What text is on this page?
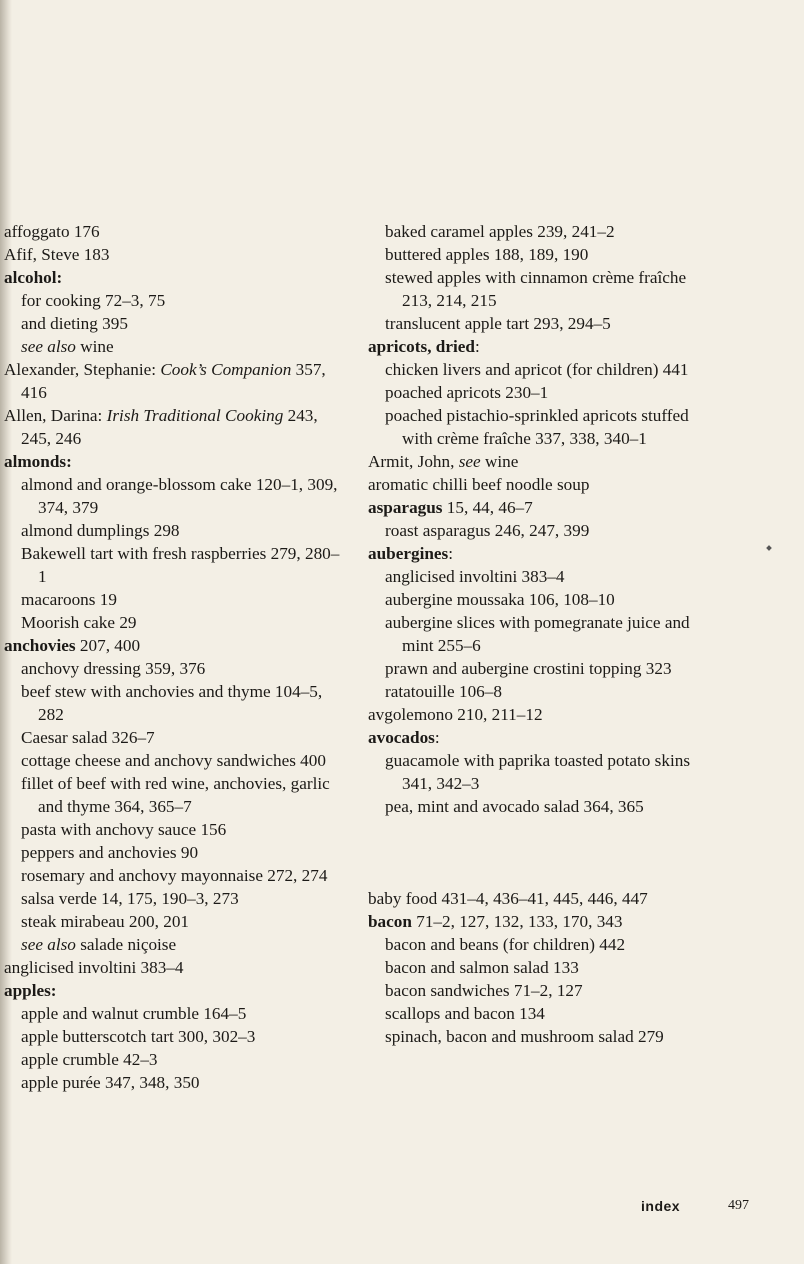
affoggato 176

Afif, Steve 183

alcohol:

for cooking 72–3, 75

and dieting 395

see also wine

Alexander, Stephanie: Cook’s Companion 357, 416

Allen, Darina: Irish Traditional Cooking 243, 245, 246

almonds:

almond and orange-blossom cake 120–1, 309, 374, 379

almond dumplings 298

Bakewell tart with fresh raspberries 279, 280–1

macaroons 19

Moorish cake 29

anchovies 207, 400

anchovy dressing 359, 376

beef stew with anchovies and thyme 104–5, 282

Caesar salad 326–7

cottage cheese and anchovy sandwiches 400

fillet of beef with red wine, anchovies, garlic and thyme 364, 365–7

pasta with anchovy sauce 156

peppers and anchovies 90

rosemary and anchovy mayonnaise 272, 274

salsa verde 14, 175, 190–3, 273

steak mirabeau 200, 201

see also salade niçoise

anglicised involtini 383–4

apples:

apple and walnut crumble 164–5

apple butterscotch tart 300, 302–3

apple crumble 42–3

apple purée 347, 348, 350

baked caramel apples 239, 241–2

buttered apples 188, 189, 190

stewed apples with cinnamon crème fraîche 213, 214, 215

translucent apple tart 293, 294–5

apricots, dried:

chicken livers and apricot (for children) 441

poached apricots 230–1

poached pistachio-sprinkled apricots stuffed with crème fraîche 337, 338, 340–1

Armit, John, see wine

aromatic chilli beef noodle soup

asparagus 15, 44, 46–7

roast asparagus 246, 247, 399

aubergines:

anglicised involtini 383–4

aubergine moussaka 106, 108–10

aubergine slices with pomegranate juice and mint 255–6

prawn and aubergine crostini topping 323

ratatouille 106–8

avgolemono 210, 211–12

avocados:

guacamole with paprika toasted potato skins 341, 342–3

pea, mint and avocado salad 364, 365

baby food 431–4, 436–41, 445, 446, 447

bacon 71–2, 127, 132, 133, 170, 343

bacon and beans (for children) 442

bacon and salmon salad 133

bacon sandwiches 71–2, 127

scallops and bacon 134

spinach, bacon and mushroom salad 279

index	497
